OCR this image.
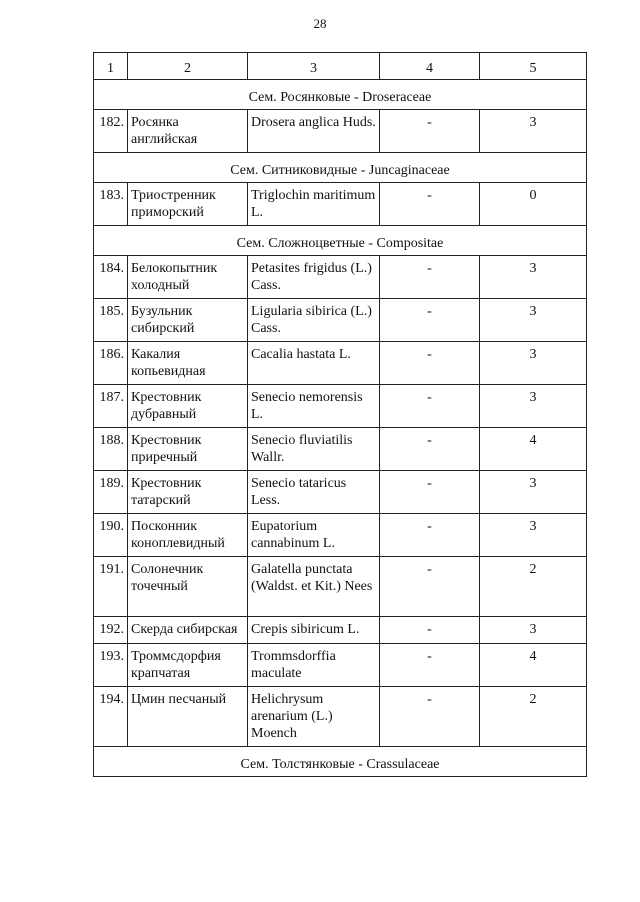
28
1	2	3	4	5
Сем. Росянковые - Droseraceae				
182.	Росянка английская	Drosera anglica Huds.	-	3
Сем. Ситниковидные - Juncaginaceae				
183.	Триостренник приморский	Triglochin maritimum L.	-	0
Сем. Сложноцветные - Compositae				
184.	Белокопытник холодный	Petasites frigidus (L.) Cass.	-	3
185.	Бузульник сибирский	Ligularia sibirica (L.) Cass.	-	3
186.	Какалия копьевидная	Cacalia hastata L.	-	3
187.	Крестовник дубравный	Senecio nemorensis L.	-	3
188.	Крестовник приречный	Senecio fluviatilis Wallr.	-	4
189.	Крестовник татарский	Senecio tataricus Less.	-	3
190.	Посконник коноплевидный	Eupatorium cannabinum L.	-	3
191.	Солонечник точечный	Galatella punctata (Waldst. et Kit.) Nees	-	2
192.	Скерда сибирская	Crepis sibiricum L.	-	3
193.	Троммсдорфия крапчатая	Trommsdorffia maculate	-	4
194.	Цмин песчаный	Helichrysum arenarium (L.) Moench	-	2
Сем. Толстянковые - Crassulaceae				
